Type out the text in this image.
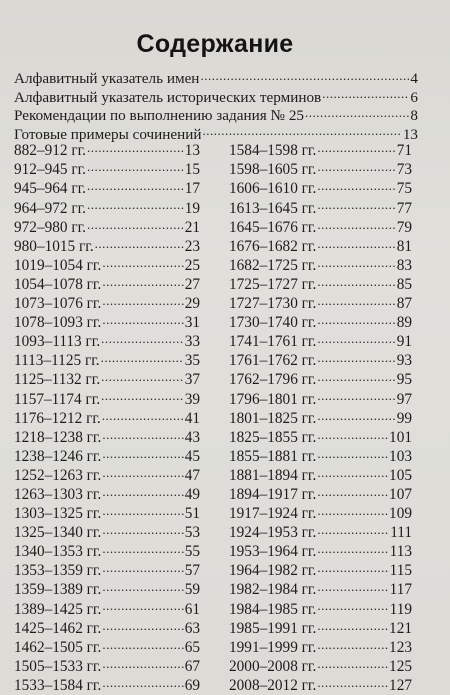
Содержание
Алфавитный указатель имен .....	4
Алфавитный указатель исторических терминов .....	6
Рекомендации по выполнению задания № 25 .....	8
Готовые примеры сочинений .....	13
882–912 гг. .....	13
912–945 гг. .....	15
945–964 гг. .....	17
964–972 гг. .....	19
972–980 гг. .....	21
980–1015 гг. .....	23
1019–1054 гг. .....	25
1054–1078 гг. .....	27
1073–1076 гг. .....	29
1078–1093 гг. .....	31
1093–1113 гг. .....	33
1113–1125 гг. .....	35
1125–1132 гг. .....	37
1157–1174 гг. .....	39
1176–1212 гг. .....	41
1218–1238 гг. .....	43
1238–1246 гг. .....	45
1252–1263 гг. .....	47
1263–1303 гг. .....	49
1303–1325 гг. .....	51
1325–1340 гг. .....	53
1340–1353 гг. .....	55
1353–1359 гг. .....	57
1359–1389 гг. .....	59
1389–1425 гг. .....	61
1425–1462 гг. .....	63
1462–1505 гг. .....	65
1505–1533 гг. .....	67
1533–1584 гг. .....	69
1584–1598 гг. .....	71
1598–1605 гг. .....	73
1606–1610 гг. .....	75
1613–1645 гг. .....	77
1645–1676 гг. .....	79
1676–1682 гг. .....	81
1682–1725 гг. .....	83
1725–1727 гг. .....	85
1727–1730 гг. .....	87
1730–1740 гг. .....	89
1741–1761 гг. .....	91
1761–1762 гг. .....	93
1762–1796 гг. .....	95
1796–1801 гг. .....	97
1801–1825 гг. .....	99
1825–1855 гг. .....	101
1855–1881 гг. .....	103
1881–1894 гг. .....	105
1894–1917 гг. .....	107
1917–1924 гг. .....	109
1924–1953 гг. .....	111
1953–1964 гг. .....	113
1964–1982 гг. .....	115
1982–1984 гг. .....	117
1984–1985 гг. .....	119
1985–1991 гг. .....	121
1991–1999 гг. .....	123
2000–2008 гг. .....	125
2008–2012 гг. .....	127
